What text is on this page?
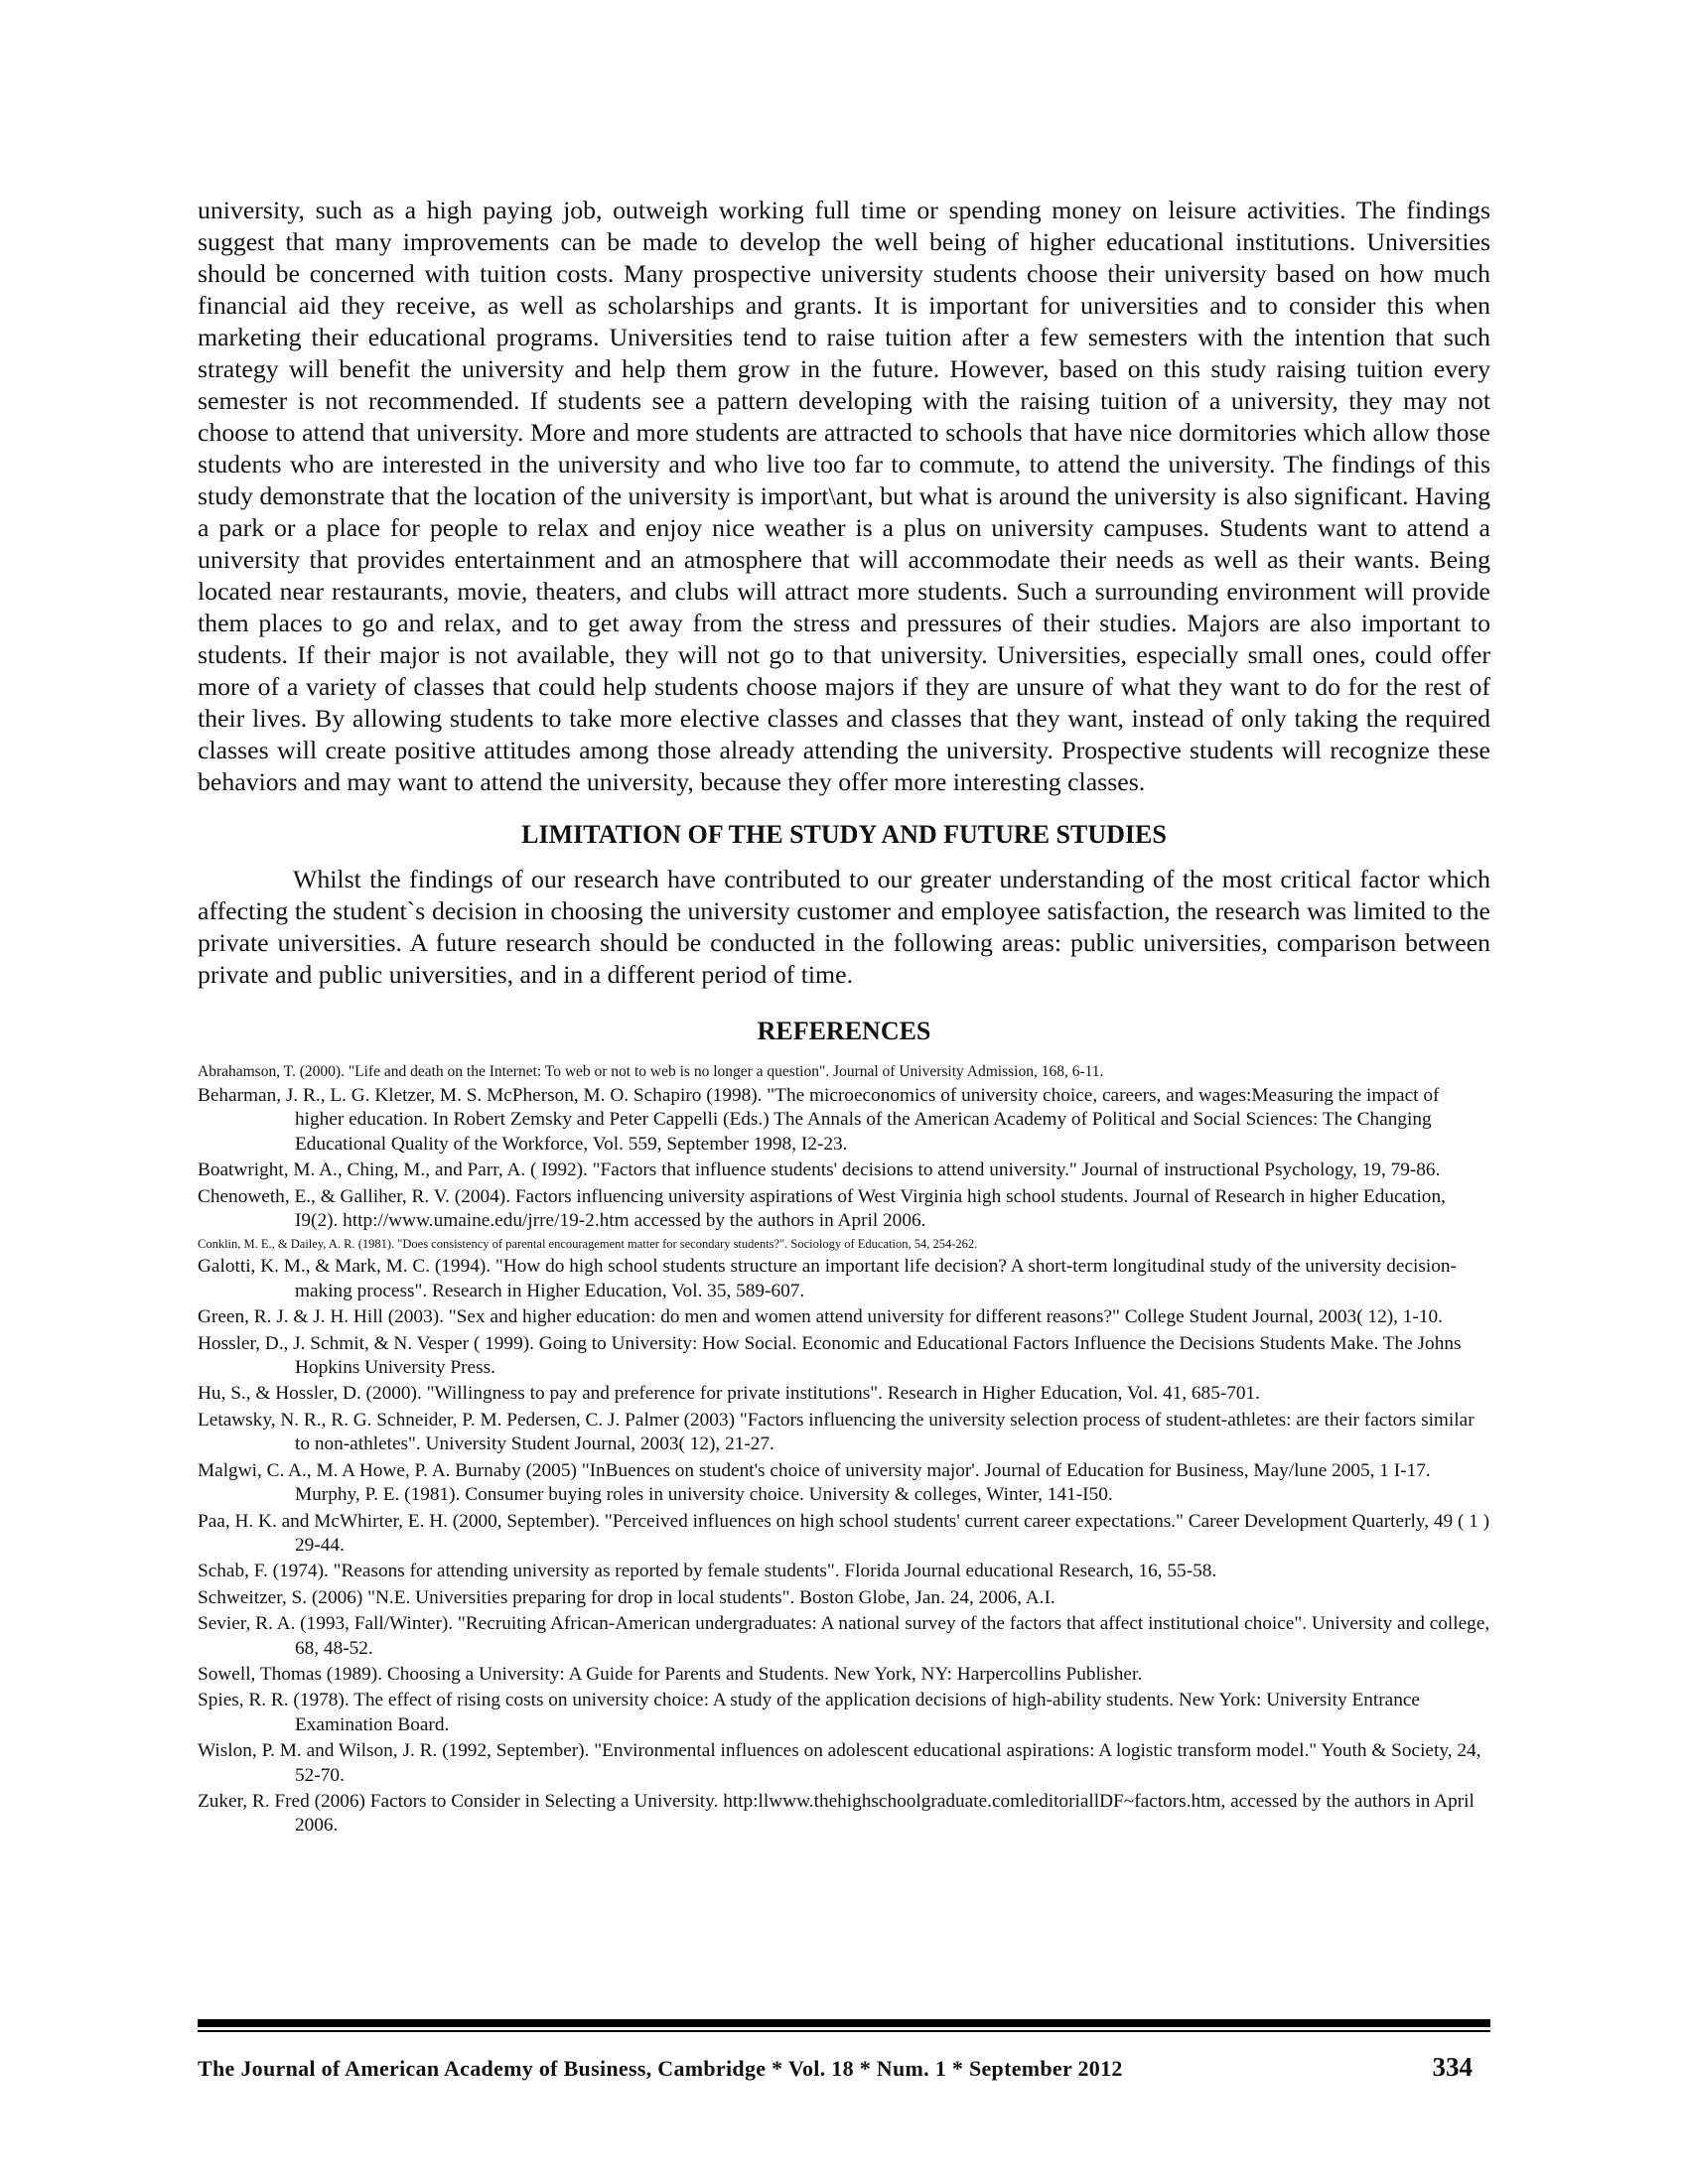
university, such as a high paying job, outweigh working full time or spending money on leisure activities. The findings suggest that many improvements can be made to develop the well being of higher educational institutions. Universities should be concerned with tuition costs. Many prospective university students choose their university based on how much financial aid they receive, as well as scholarships and grants. It is important for universities and to consider this when marketing their educational programs. Universities tend to raise tuition after a few semesters with the intention that such strategy will benefit the university and help them grow in the future. However, based on this study raising tuition every semester is not recommended. If students see a pattern developing with the raising tuition of a university, they may not choose to attend that university. More and more students are attracted to schools that have nice dormitories which allow those students who are interested in the university and who live too far to commute, to attend the university. The findings of this study demonstrate that the location of the university is import\ant, but what is around the university is also significant. Having a park or a place for people to relax and enjoy nice weather is a plus on university campuses. Students want to attend a university that provides entertainment and an atmosphere that will accommodate their needs as well as their wants. Being located near restaurants, movie, theaters, and clubs will attract more students. Such a surrounding environment will provide them places to go and relax, and to get away from the stress and pressures of their studies. Majors are also important to students. If their major is not available, they will not go to that university. Universities, especially small ones, could offer more of a variety of classes that could help students choose majors if they are unsure of what they want to do for the rest of their lives. By allowing students to take more elective classes and classes that they want, instead of only taking the required classes will create positive attitudes among those already attending the university. Prospective students will recognize these behaviors and may want to attend the university, because they offer more interesting classes.

LIMITATION OF THE STUDY AND FUTURE STUDIES

Whilst the findings of our research have contributed to our greater understanding of the most critical factor which affecting the student`s decision in choosing the university customer and employee satisfaction, the research was limited to the private universities. A future research should be conducted in the following areas: public universities, comparison between private and public universities, and in a different period of time.

REFERENCES

Abrahamson, T. (2000). "Life and death on the Internet: To web or not to web is no longer a question". Journal of University Admission, 168, 6-11.

Beharman, J. R., L. G. Kletzer, M. S. McPherson, M. O. Schapiro (1998). "The microeconomics of university choice, careers, and wages:Measuring the impact of higher education. In Robert Zemsky and Peter Cappelli (Eds.) The Annals of the American Academy of Political and Social Sciences: The Changing Educational Quality of the Workforce, Vol. 559, September 1998, I2-23.

Boatwright, M. A., Ching, M., and Parr, A. ( I992). "Factors that influence students' decisions to attend university." Journal of instructional Psychology, 19, 79-86.

Chenoweth, E., & Galliher, R. V. (2004). Factors influencing university aspirations of West Virginia high school students. Journal of Research in higher Education, I9(2). http://www.umaine.edu/jrre/19-2.htm accessed by the authors in April 2006.

Conklin, M. E., & Dailey, A. R. (1981). "Does consistency of parental encouragement matter for secondary students?". Sociology of Education, 54, 254-262.

Galotti, K. M., & Mark, M. C. (1994). "How do high school students structure an important life decision? A short-term longitudinal study of the university decision-making process". Research in Higher Education, Vol. 35, 589-607.

Green, R. J. & J. H. Hill (2003). "Sex and higher education: do men and women attend university for different reasons?" College Student Journal, 2003( 12), 1-10.

Hossler, D., J. Schmit, & N. Vesper ( 1999). Going to University: How Social. Economic and Educational Factors Influence the Decisions Students Make. The Johns Hopkins University Press.

Hu, S., & Hossler, D. (2000). "Willingness to pay and preference for private institutions". Research in Higher Education, Vol. 41, 685-701.

Letawsky, N. R., R. G. Schneider, P. M. Pedersen, C. J. Palmer (2003) "Factors influencing the university selection process of student-athletes: are their factors similar to non-athletes". University Student Journal, 2003( 12), 21-27.

Malgwi, C. A., M. A Howe, P. A. Burnaby (2005) "InBuences on student's choice of university major'. Journal of Education for Business, May/lune 2005, 1 I-17. Murphy, P. E. (1981). Consumer buying roles in university choice. University & colleges, Winter, 141-I50.

Paa, H. K. and McWhirter, E. H. (2000, September). "Perceived influences on high school students' current career expectations." Career Development Quarterly, 49 ( 1 ) 29-44.

Schab, F. (1974). "Reasons for attending university as reported by female students". Florida Journal educational Research, 16, 55-58.

Schweitzer, S. (2006) "N.E. Universities preparing for drop in local students". Boston Globe, Jan. 24, 2006, A.I.

Sevier, R. A. (1993, Fall/Winter). "Recruiting African-American undergraduates: A national survey of the factors that affect institutional choice". University and college, 68, 48-52.

Sowell, Thomas (1989). Choosing a University: A Guide for Parents and Students. New York, NY: Harpercollins Publisher.

Spies, R. R. (1978). The effect of rising costs on university choice: A study of the application decisions of high-ability students. New York: University Entrance Examination Board.

Wislon, P. M. and Wilson, J. R. (1992, September). "Environmental influences on adolescent educational aspirations: A logistic transform model." Youth & Society, 24, 52-70.

Zuker, R. Fred (2006) Factors to Consider in Selecting a University. http:llwww.thehighschoolgraduate.comleditoriallDF~factors.htm, accessed by the authors in April 2006.

The Journal of American Academy of Business, Cambridge * Vol. 18 * Num. 1 * September 2012	334
